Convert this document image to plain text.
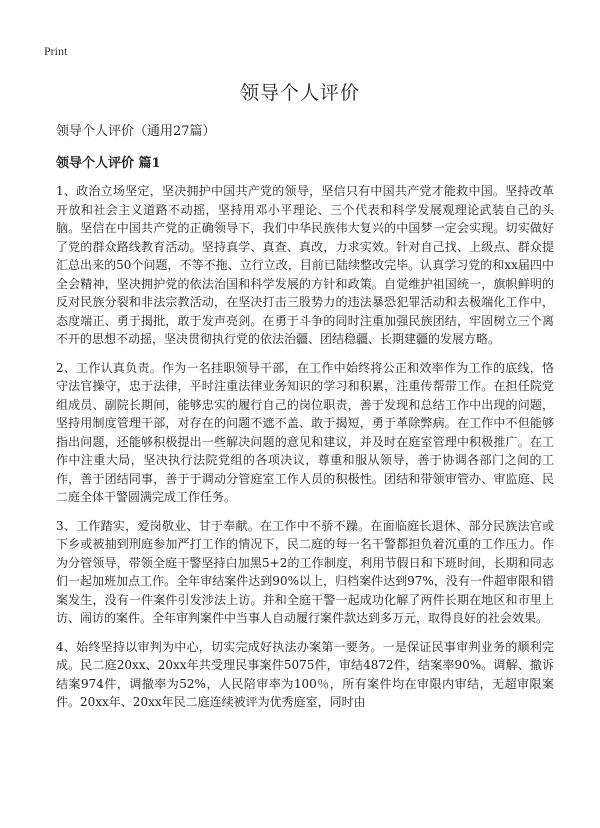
Print
领导个人评价

领导个人评价（通用27篇）

领导个人评价 篇1

1、政治立场坚定，坚决拥护中国共产党的领导，坚信只有中国共产党才能救中国。坚持改革开放和社会主义道路不动摇，坚持用邓小平理论、三个代表和科学发展观理论武装自己的头脑。坚信在中国共产党的正确领导下，我们中华民族伟大复兴的中国梦一定会实现。切实做好了党的群众路线教育活动。坚持真学、真查、真改，力求实效。针对自己找、上级点、群众提汇总出来的50个问题，不等不拖、立行立改，目前已陆续整改完毕。认真学习党的和xx届四中全会精神，坚决拥护党的依法治国和科学发展的方针和政策。自觉维护祖国统一，旗帜鲜明的反对民族分裂和非法宗教活动，在坚决打击三股势力的违法暴恐犯罪活动和去极端化工作中，态度端正、勇于揭批，敢于发声亮剑。在勇于斗争的同时注重加强民族团结，牢固树立三个离不开的思想不动摇，坚决贯彻执行党的依法治疆、团结稳疆、长期建疆的发展方略。

2、工作认真负责。作为一名挂职领导干部，在工作中始终将公正和效率作为工作的底线，恪守法官操守，忠于法律，平时注重法律业务知识的学习和积累，注重传帮带工作。在担任院党组成员、副院长期间，能够忠实的履行自己的岗位职责，善于发现和总结工作中出现的问题，坚持用制度管理干部，对存在的问题不遮不盖、敢于揭短，勇于革除弊病。在工作中不但能够指出问题，还能够积极提出一些解决问题的意见和建议，并及时在庭室管理中积极推广。在工作中注重大局，坚决执行法院党组的各项决议，尊重和服从领导，善于协调各部门之间的工作，善于团结同事，善于于调动分管庭室工作人员的积极性。团结和带领审管办、审监庭、民二庭全体干警圆满完成工作任务。

3、工作踏实，爱岗敬业、甘于奉献。在工作中不骄不躁。在面临庭长退休、部分民族法官或下乡或被抽到刑庭参加严打工作的情况下，民二庭的每一名干警都担负着沉重的工作压力。作为分管领导，带领全庭干警坚持白加黑5+2的工作制度，利用节假日和下班时间，长期和同志们一起加班加点工作。全年审结案件达到90%以上，归档案件达到97%，没有一件超审限和错案发生，没有一件案件引发涉法上访。并和全庭干警一起成功化解了两件长期在地区和市里上访、闹访的案件。全年审判案件中当事人自动履行案件款达到多万元，取得良好的社会效果。

4、始终坚持以审判为中心，切实完成好执法办案第一要务。一是保证民事审判业务的顺利完成。民二庭20xx、20xx年共受理民事案件5075件，审结4872件，结案率90%。调解、撤诉结案974件，调撤率为52%，人民陪审率为100％，所有案件均在审限内审结，无超审限案件。20xx年、20xx年民二庭连续被评为优秀庭室，同时由
